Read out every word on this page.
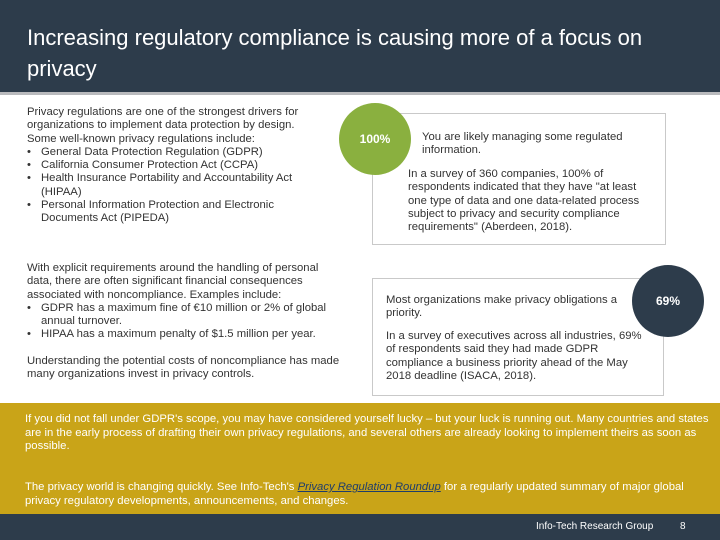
Increasing regulatory compliance is causing more of a focus on privacy

Privacy regulations are one of the strongest drivers for organizations to implement data protection by design. Some well-known privacy regulations include:

• General Data Protection Regulation (GDPR)
• California Consumer Protection Act (CCPA)
• Health Insurance Portability and Accountability Act (HIPAA)
• Personal Information Protection and Electronic Documents Act (PIPEDA)

With explicit requirements around the handling of personal data, there are often significant financial consequences associated with noncompliance. Examples include:

• GDPR has a maximum fine of €10 million or 2% of global annual turnover.
• HIPAA has a maximum penalty of $1.5 million per year.

Understanding the potential costs of noncompliance has made many organizations invest in privacy controls.

You are likely managing some regulated information.

In a survey of 360 companies, 100% of respondents indicated that they have "at least one type of data and one data-related process subject to privacy and security compliance requirements" (Aberdeen, 2018).

100%

Most organizations make privacy obligations a priority.

In a survey of executives across all industries, 69% of respondents said they had made GDPR compliance a business priority ahead of the May 2018 deadline (ISACA, 2018).

69%

If you did not fall under GDPR's scope, you may have considered yourself lucky – but your luck is running out. Many countries and states are in the early process of drafting their own privacy regulations, and several others are already looking to implement theirs as soon as possible.

The privacy world is changing quickly. See Info-Tech's Privacy Regulation Roundup for a regularly updated summary of major global privacy regulatory developments, announcements, and changes.

Info-Tech Research Group	8
